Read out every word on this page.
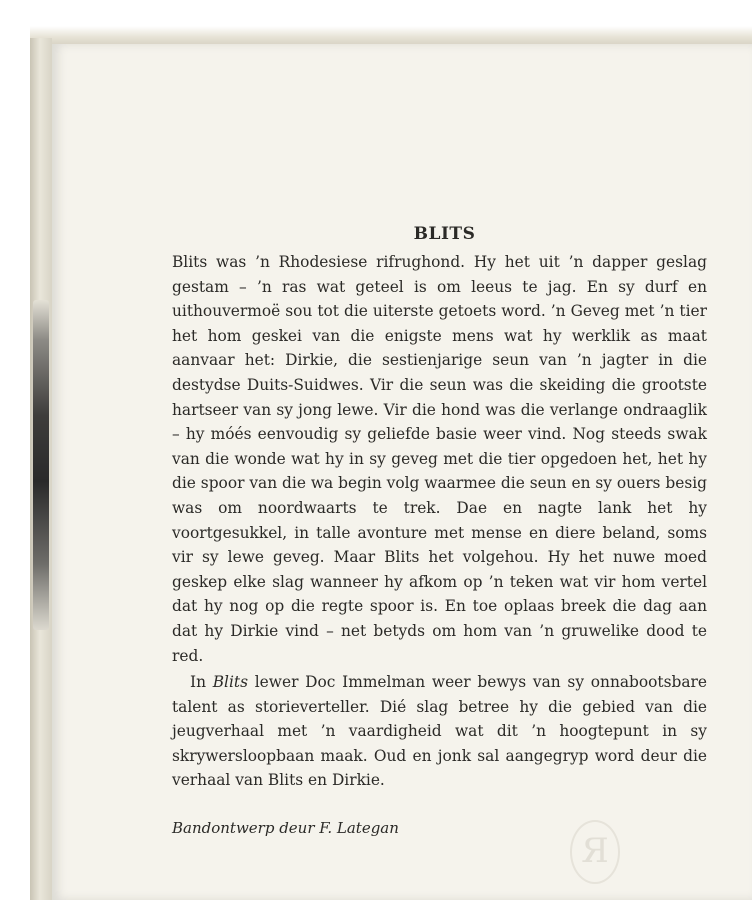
BLITS

Blits was ’n Rhodesiese rifrughond. Hy het uit ’n dapper geslag gestam – ’n ras wat geteel is om leeus te jag. En sy durf en uithouvermoë sou tot die uiterste getoets word. ’n Geveg met ’n tier het hom geskei van die enigste mens wat hy werklik as maat aanvaar het: Dirkie, die sestienjarige seun van ’n jagter in die destydse Duits-Suidwes. Vir die seun was die skeiding die grootste hartseer van sy jong lewe. Vir die hond was die verlange ondraaglik – hy móés eenvoudig sy geliefde basie weer vind. Nog steeds swak van die wonde wat hy in sy geveg met die tier opgedoen het, het hy die spoor van die wa begin volg waarmee die seun en sy ouers besig was om noordwaarts te trek. Dae en nagte lank het hy voortgesukkel, in talle avonture met mense en diere beland, soms vir sy lewe geveg. Maar Blits het volgehou. Hy het nuwe moed geskep elke slag wanneer hy afkom op ’n teken wat vir hom vertel dat hy nog op die regte spoor is. En toe oplaas breek die dag aan dat hy Dirkie vind – net betyds om hom van ’n gruwelike dood te red.

In Blits lewer Doc Immelman weer bewys van sy onnabootsbare talent as storieverteller. Dié slag betree hy die gebied van die jeugverhaal met ’n vaardigheid wat dit ’n hoogtepunt in sy skrywersloopbaan maak. Oud en jonk sal aangegryp word deur die verhaal van Blits en Dirkie.

Bandontwerp deur F. Lategan
Я
